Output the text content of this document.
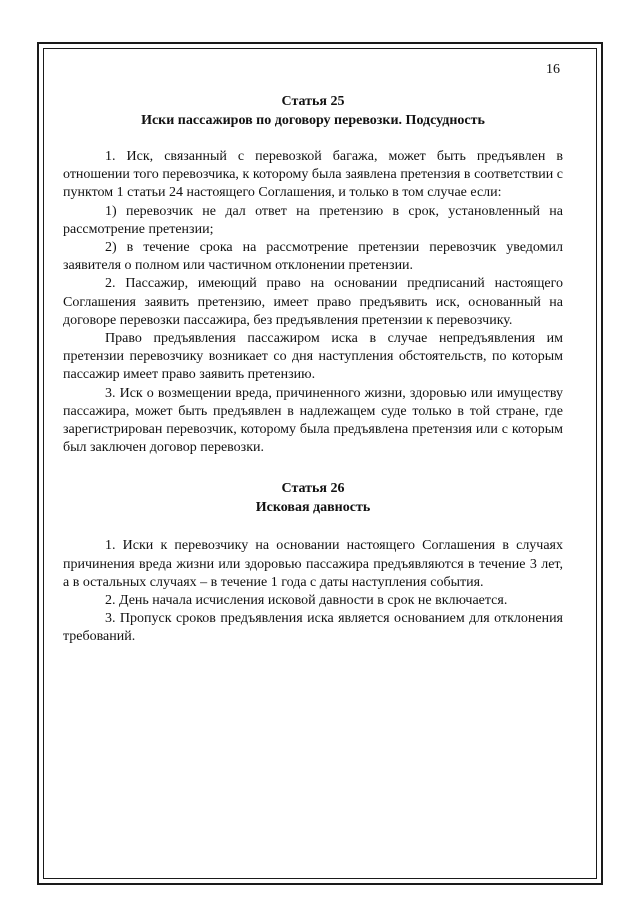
16

Статья 25

Иски пассажиров по договору перевозки. Подсудность

1. Иск, связанный с перевозкой багажа, может быть предъявлен в отношении того перевозчика, к которому была заявлена претензия в соответствии с пунктом 1 статьи 24 настоящего Соглашения, и только в том случае если:

1) перевозчик не дал ответ на претензию в срок, установленный на рассмотрение претензии;

2) в течение срока на рассмотрение претензии перевозчик уведомил заявителя о полном или частичном отклонении претензии.

2. Пассажир, имеющий право на основании предписаний настоящего Соглашения заявить претензию, имеет право предъявить иск, основанный на договоре перевозки пассажира, без предъявления претензии к перевозчику.

Право предъявления пассажиром иска в случае непредъявления им претензии перевозчику возникает со дня наступления обстоятельств, по которым пассажир имеет право заявить претензию.

3. Иск о возмещении вреда, причиненного жизни, здоровью или имуществу пассажира, может быть предъявлен в надлежащем суде только в той стране, где зарегистрирован перевозчик, которому была предъявлена претензия или с которым был заключен договор перевозки.

Статья 26

Исковая давность

1. Иски к перевозчику на основании настоящего Соглашения в случаях причинения вреда жизни или здоровью пассажира предъявляются в течение 3 лет, а в остальных случаях – в течение 1 года с даты наступления события.

2. День начала исчисления исковой давности в срок не включается.

3. Пропуск сроков предъявления иска является основанием для отклонения требований.
